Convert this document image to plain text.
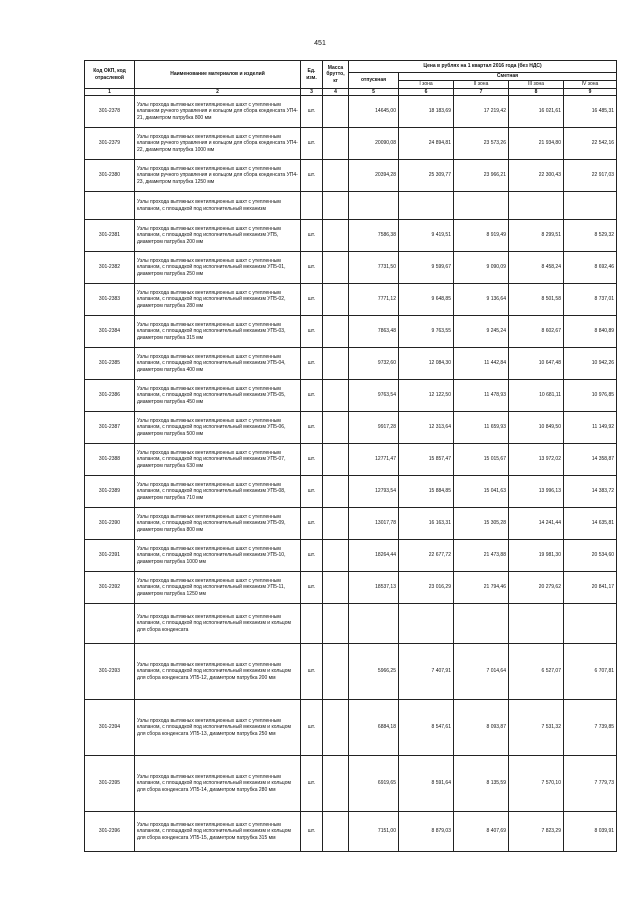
451
Код ОКП, код отраслевой	Наименование материалов и изделий	Ед. изм.	Масса брутто, кг	Цена в рублях на 1 квартал 2016 года (без НДС)				
				отпускная	Сметная			
					I зона	II зона	III зона	IV зона
1	2	3	4	5	6	7	8	9
301-2378	Узлы прохода вытяжных вентиляционных шахт с утепленным клапаном ручного управления и кольцом для сбора конденсата УП4-21, диаметром патрубка 800 мм	шт.		14645,00	18 183,69	17 219,42	16 021,61	16 485,31
301-2379	Узлы прохода вытяжных вентиляционных шахт с утепленным клапаном ручного управления и кольцом для сбора конденсата УП4-22, диаметром патрубка 1000 мм	шт.		20090,08	24 894,81	23 573,26	21 934,80	22 542,16
301-2380	Узлы прохода вытяжных вентиляционных шахт с утепленным клапаном ручного управления и кольцом для сбора конденсата УП4-23, диаметром патрубка 1250 мм	шт.		20394,28	25 309,77	23 966,21	22 300,43	22 917,03
	Узлы прохода вытяжных вентиляционных шахт с утепленным клапаном, с площадкой под исполнительный механизм							
301-2381	Узлы прохода вытяжных вентиляционных шахт с утепленным клапаном, с площадкой под исполнительный механизм УП5, диаметром патрубка 200 мм	шт.		7586,38	9 419,51	8 919,49	8 299,51	8 529,32
301-2382	Узлы прохода вытяжных вентиляционных шахт с утепленным клапаном, с площадкой под исполнительный механизм УП5-01, диаметром патрубка 250 мм	шт.		7731,50	9 599,67	9 090,09	8 458,24	8 692,46
301-2383	Узлы прохода вытяжных вентиляционных шахт с утепленным клапаном, с площадкой под исполнительный механизм УП5-02, диаметром патрубка 280 мм	шт.		7771,12	9 648,85	9 136,64	8 501,58	8 737,01
301-2384	Узлы прохода вытяжных вентиляционных шахт с утепленным клапаном, с площадкой под исполнительный механизм УП5-03, диаметром патрубка 315 мм	шт.		7863,48	9 763,55	9 245,24	8 602,67	8 840,89
301-2385	Узлы прохода вытяжных вентиляционных шахт с утепленным клапаном, с площадкой под исполнительный механизм УП5-04, диаметром патрубка 400 мм	шт.		9732,60	12 084,30	11 442,84	10 647,48	10 942,26
301-2386	Узлы прохода вытяжных вентиляционных шахт с утепленным клапаном, с площадкой под исполнительный механизм УП5-05, диаметром патрубка 450 мм	шт.		9763,54	12 122,50	11 478,93	10 681,11	10 976,85
301-2387	Узлы прохода вытяжных вентиляционных шахт с утепленным клапаном, с площадкой под исполнительный механизм УП5-06, диаметром патрубка 500 мм	шт.		9917,28	12 313,64	11 659,93	10 849,50	11 149,92
301-2388	Узлы прохода вытяжных вентиляционных шахт с утепленным клапаном, с площадкой под исполнительный механизм УП5-07, диаметром патрубка 630 мм	шт.		12771,47	15 857,47	15 015,67	13 972,02	14 358,87
301-2389	Узлы прохода вытяжных вентиляционных шахт с утепленным клапаном, с площадкой под исполнительный механизм УП5-08, диаметром патрубка 710 мм	шт.		12793,54	15 884,85	15 041,63	13 996,13	14 383,72
301-2390	Узлы прохода вытяжных вентиляционных шахт с утепленным клапаном, с площадкой под исполнительный механизм УП5-09, диаметром патрубка 800 мм	шт.		13017,78	16 163,31	15 305,28	14 241,44	14 635,81
301-2391	Узлы прохода вытяжных вентиляционных шахт с утепленным клапаном, с площадкой под исполнительный механизм УП5-10, диаметром патрубка 1000 мм	шт.		18264,44	22 677,72	21 473,88	19 981,30	20 534,60
301-2392	Узлы прохода вытяжных вентиляционных шахт с утепленным клапаном, с площадкой под исполнительный механизм УП5-11, диаметром патрубка 1250 мм	шт.		18537,13	23 016,29	21 794,46	20 279,62	20 841,17
	Узлы прохода вытяжных вентиляционных шахт с утепленным клапаном, с площадкой под исполнительный механизм и кольцом для сбора конденсата							
301-2393	Узлы прохода вытяжных вентиляционных шахт с утепленным клапаном, с площадкой под исполнительный механизм и кольцом для сбора конденсата УП5-12, диаметром патрубка 200 мм	шт.		5966,25	7 407,91	7 014,64	6 527,07	6 707,81
301-2394	Узлы прохода вытяжных вентиляционных шахт с утепленным клапаном, с площадкой под исполнительный механизм и кольцом для сбора конденсата УП5-13, диаметром патрубка 250 мм	шт.		6884,18	8 547,61	8 093,87	7 531,32	7 739,85
301-2395	Узлы прохода вытяжных вентиляционных шахт с утепленным клапаном, с площадкой под исполнительный механизм и кольцом для сбора конденсата УП5-14, диаметром патрубка 280 мм	шт.		6919,65	8 591,64	8 135,59	7 570,10	7 779,73
301-2396	Узлы прохода вытяжных вентиляционных шахт с утепленным клапаном, с площадкой под исполнительный механизм и кольцом для сбора конденсата УП5-15, диаметром патрубка 315 мм	шт.		7151,00	8 879,03	8 407,69	7 823,29	8 039,91
